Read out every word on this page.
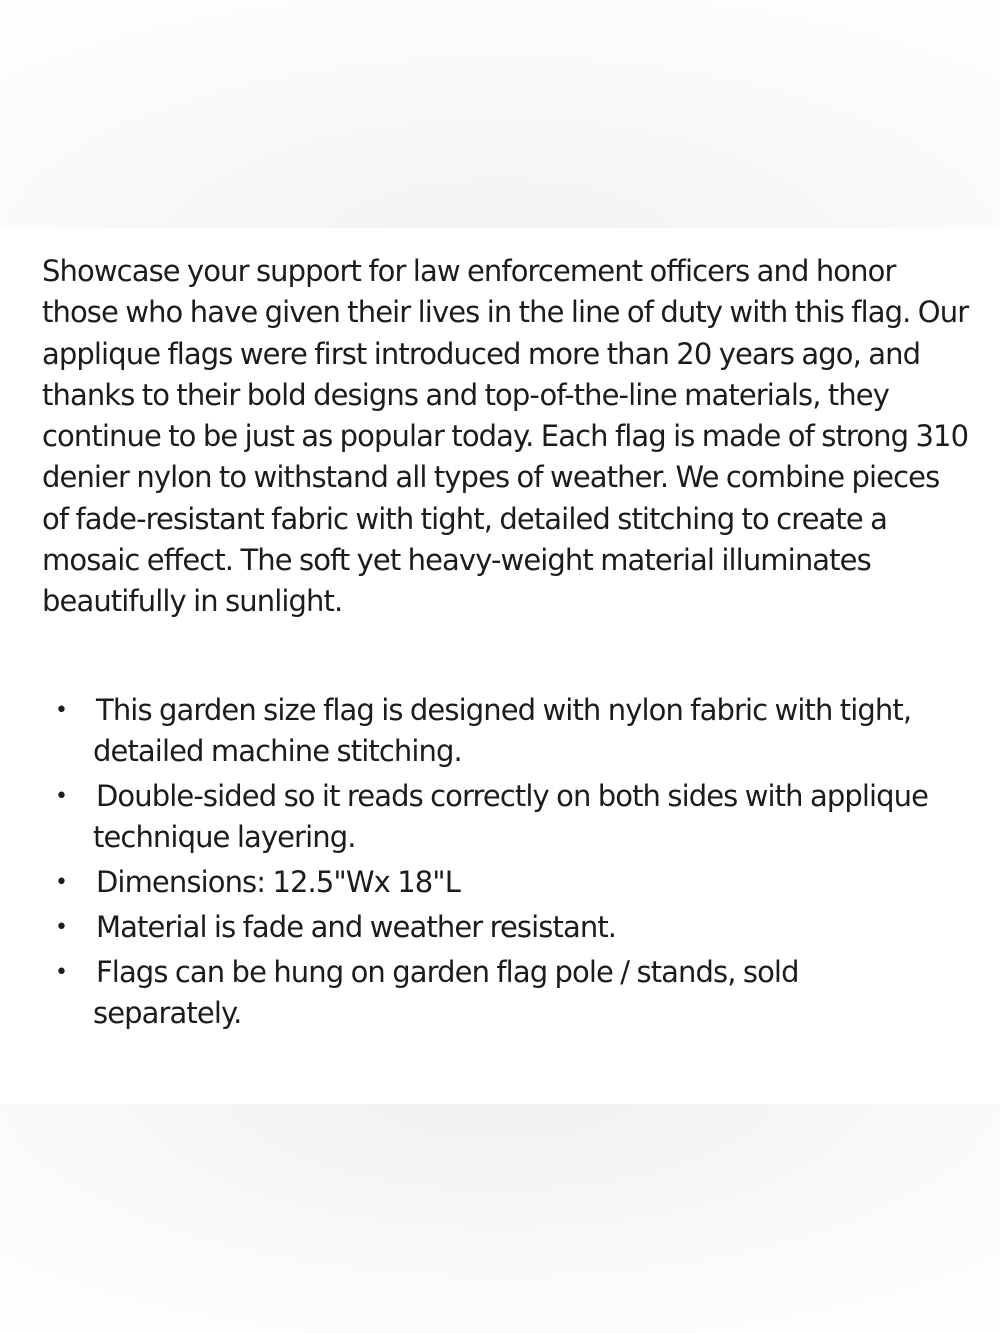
Showcase your support for law enforcement officers and honor those who have given their lives in the line of duty with this flag. Our applique flags were first introduced more than 20 years ago, and thanks to their bold designs and top-of-the-line materials, they continue to be just as popular today. Each flag is made of strong 310 denier nylon to withstand all types of weather. We combine pieces of fade-resistant fabric with tight, detailed stitching to create a mosaic effect. The soft yet heavy-weight material illuminates beautifully in sunlight.

• This garden size flag is designed with nylon fabric with tight, detailed machine stitching.
• Double-sided so it reads correctly on both sides with applique technique layering.
• Dimensions: 12.5"Wx 18"L
• Material is fade and weather resistant.
• Flags can be hung on garden flag pole / stands, sold separately.
